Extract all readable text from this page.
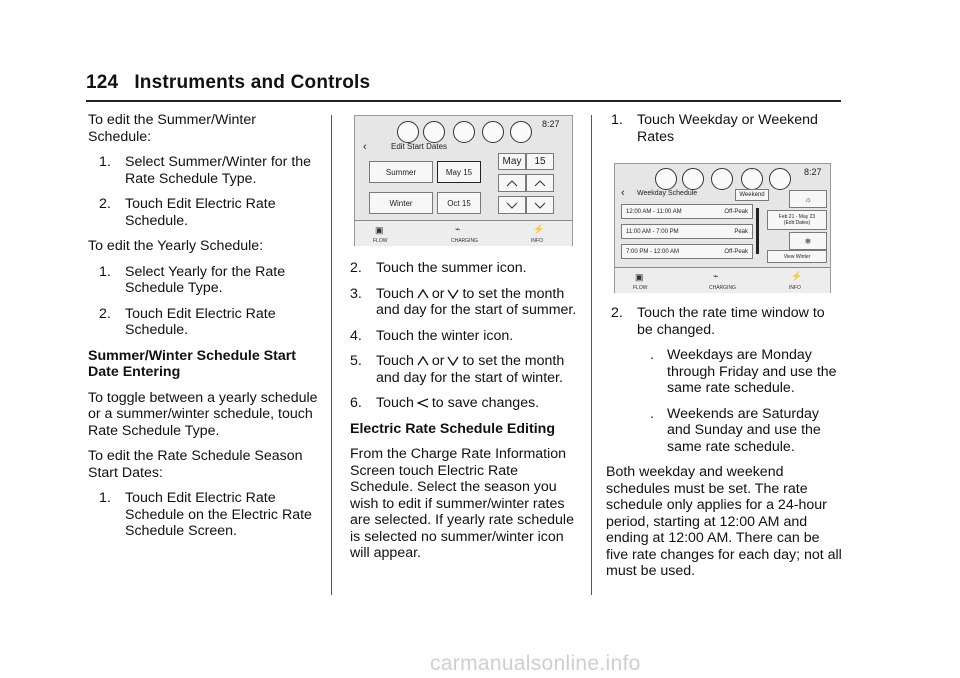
124 Instruments and Controls

To edit the Summer/Winter Schedule:

1. Select Summer/Winter for the Rate Schedule Type.
2. Touch Edit Electric Rate Schedule.

To edit the Yearly Schedule:

1. Select Yearly for the Rate Schedule Type.
2. Touch Edit Electric Rate Schedule.

Summer/Winter Schedule Start Date Entering

To toggle between a yearly schedule or a summer/winter schedule, touch Rate Schedule Type.

To edit the Rate Schedule Season Start Dates:

1. Touch Edit Electric Rate Schedule on the Electric Rate Schedule Screen.
8:27
‹	Edit Start Dates
Summer	May 15
Winter	Oct 15
May	15
▣
FLOW
⌁
CHARGING
⚡
INFO
2. Touch the summer icon.
3. Touch or to set the month and day for the start of summer.
4. Touch the winter icon.
5. Touch or to set the month and day for the start of winter.
6. Touch to save changes.

Electric Rate Schedule Editing

From the Charge Rate Information Screen touch Electric Rate Schedule. Select the season you wish to edit if summer/winter rates are selected. If yearly rate schedule is selected no summer/winter icon will appear.

1. Touch Weekday or Weekend Rates
8:27
‹ Weekday Schedule	Weekend
12:00 AM - 11:00 AM	Off-Peak
11:00 AM - 7:00 PM	Peak
7:00 PM - 12:00 AM	Off-Peak
☼
Feb 21 - May 23
(Edit Dates)
❄
View Winter
▣
FLOW
⌁
CHARGING
⚡
INFO
2. Touch the rate time window to be changed.
. Weekdays are Monday through Friday and use the same rate schedule.
. Weekends are Saturday and Sunday and use the same rate schedule.

Both weekday and weekend schedules must be set. The rate schedule only applies for a 24-hour period, starting at 12:00 AM and ending at 12:00 AM. There can be five rate changes for each day; not all must be used.

carmanualsonline.info
